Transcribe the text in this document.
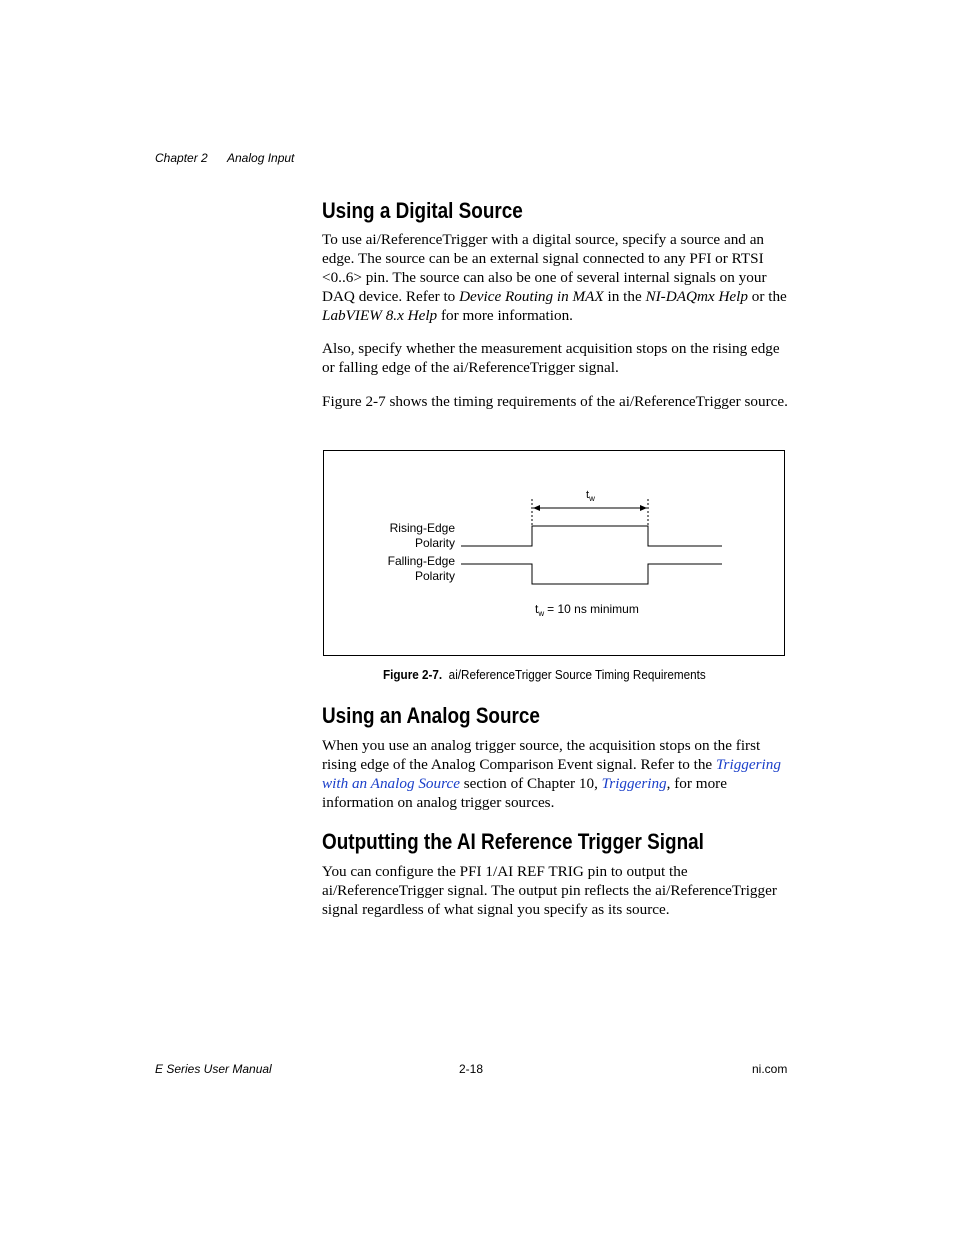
Chapter 2 Analog Input
Using a Digital Source
To use ai/ReferenceTrigger with a digital source, specify a source and an edge. The source can be an external signal connected to any PFI or RTSI <0..6> pin. The source can also be one of several internal signals on your DAQ device. Refer to Device Routing in MAX in the NI-DAQmx Help or the LabVIEW 8.x Help for more information.
Also, specify whether the measurement acquisition stops on the rising edge or falling edge of the ai/ReferenceTrigger signal.
Figure 2-7 shows the timing requirements of the ai/ReferenceTrigger source.
$t_w$
Rising-Edge
Polarity
Falling-Edge
Polarity
$t_w = 10$ ns minimum
Figure 2-7. ai/ReferenceTrigger Source Timing Requirements
Using an Analog Source
When you use an analog trigger source, the acquisition stops on the first rising edge of the Analog Comparison Event signal. Refer to the Triggering with an Analog Source section of Chapter 10, Triggering, for more information on analog trigger sources.
Outputting the AI Reference Trigger Signal
You can configure the PFI 1/AI REF TRIG pin to output the ai/ReferenceTrigger signal. The output pin reflects the ai/ReferenceTrigger signal regardless of what signal you specify as its source.
E Series User Manual	2-18	ni.com
